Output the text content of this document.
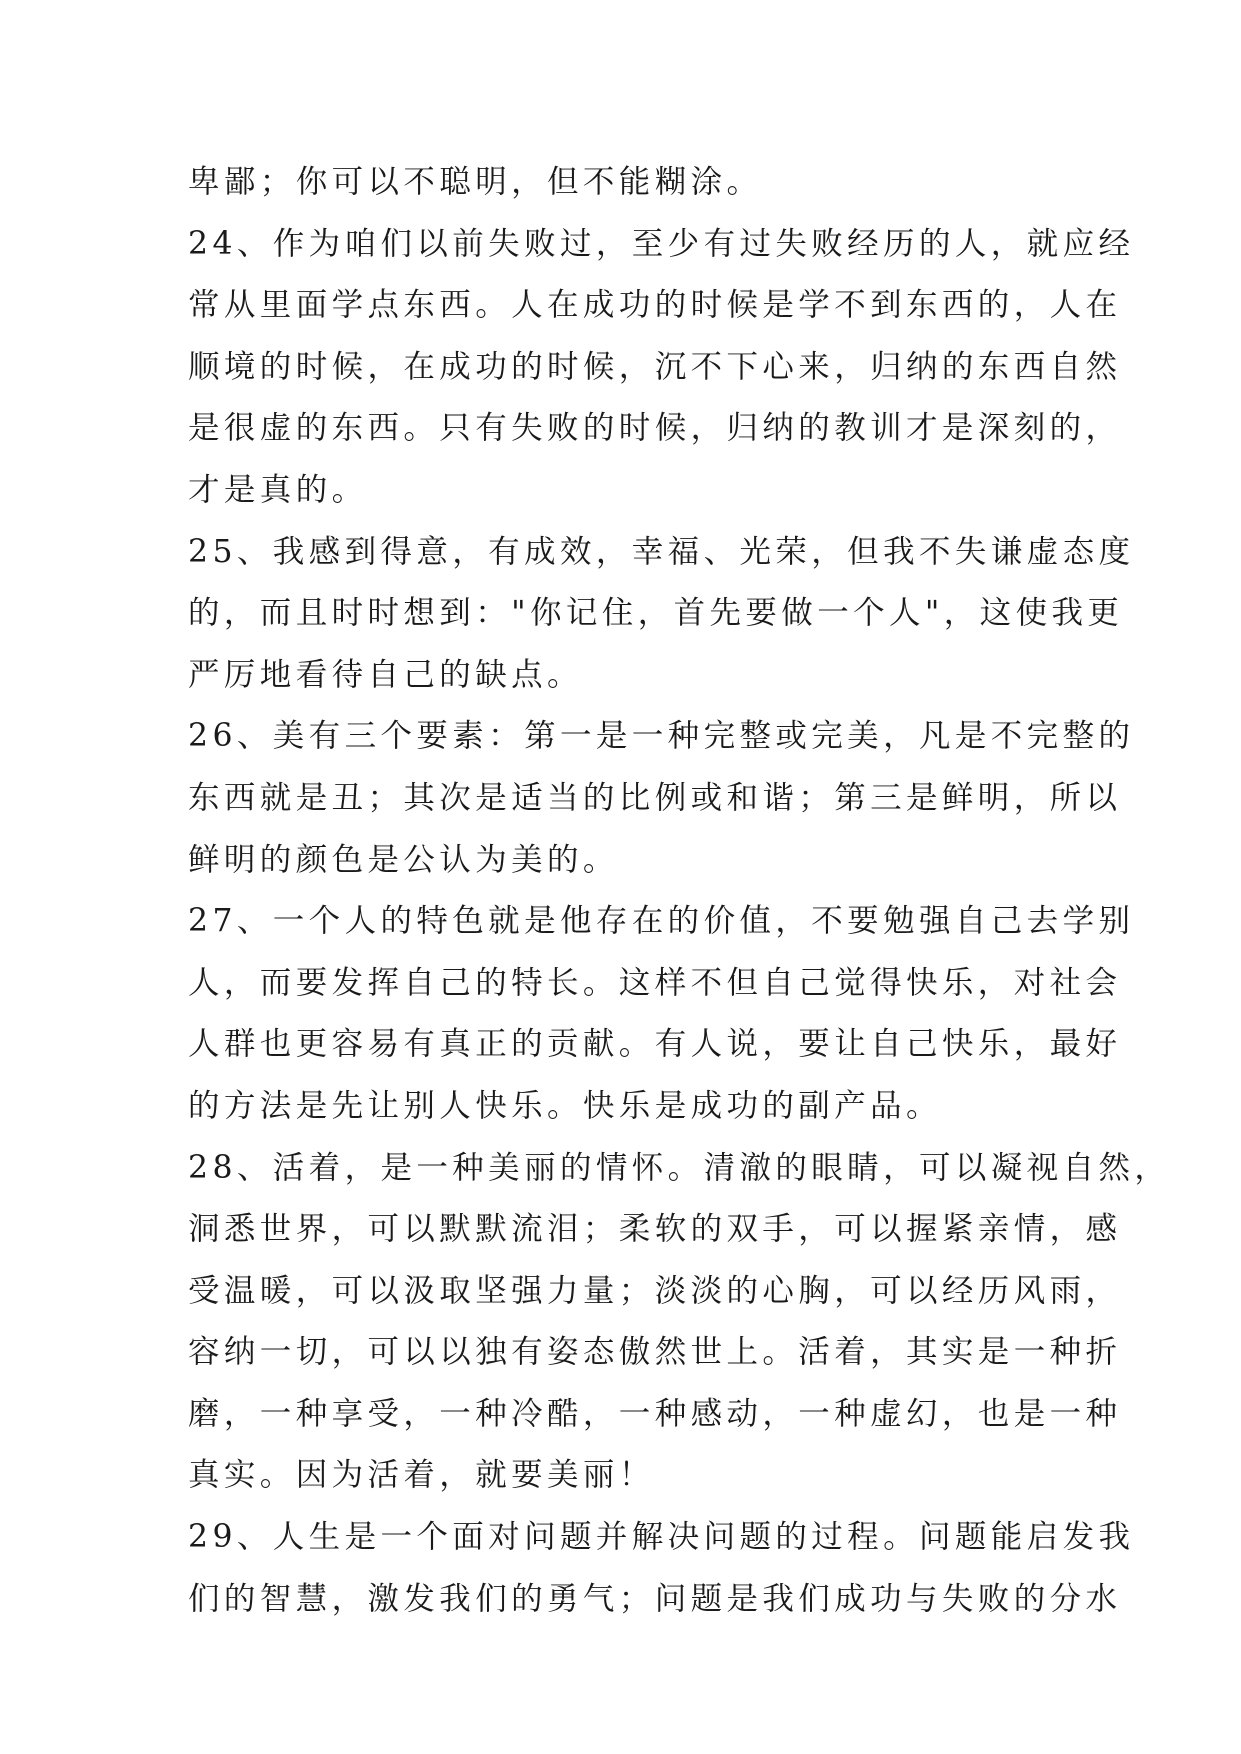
卑鄙；你可以不聪明，但不能糊涂。
24、作为咱们以前失败过，至少有过失败经历的人，就应经
常从里面学点东西。人在成功的时候是学不到东西的，人在
顺境的时候，在成功的时候，沉不下心来，归纳的东西自然
是很虚的东西。只有失败的时候，归纳的教训才是深刻的，
才是真的。
25、我感到得意，有成效，幸福、光荣，但我不失谦虚态度
的，而且时时想到："你记住，首先要做一个人"，这使我更
严厉地看待自己的缺点。
26、美有三个要素：第一是一种完整或完美，凡是不完整的
东西就是丑；其次是适当的比例或和谐；第三是鲜明，所以
鲜明的颜色是公认为美的。
27、一个人的特色就是他存在的价值，不要勉强自己去学别
人，而要发挥自己的特长。这样不但自己觉得快乐，对社会
人群也更容易有真正的贡献。有人说，要让自己快乐，最好
的方法是先让别人快乐。快乐是成功的副产品。
28、活着，是一种美丽的情怀。清澈的眼睛，可以凝视自然，
洞悉世界，可以默默流泪；柔软的双手，可以握紧亲情，感
受温暖，可以汲取坚强力量；淡淡的心胸，可以经历风雨，
容纳一切，可以以独有姿态傲然世上。活着，其实是一种折
磨，一种享受，一种冷酷，一种感动，一种虚幻，也是一种
真实。因为活着，就要美丽！
29、人生是一个面对问题并解决问题的过程。问题能启发我
们的智慧，激发我们的勇气；问题是我们成功与失败的分水
